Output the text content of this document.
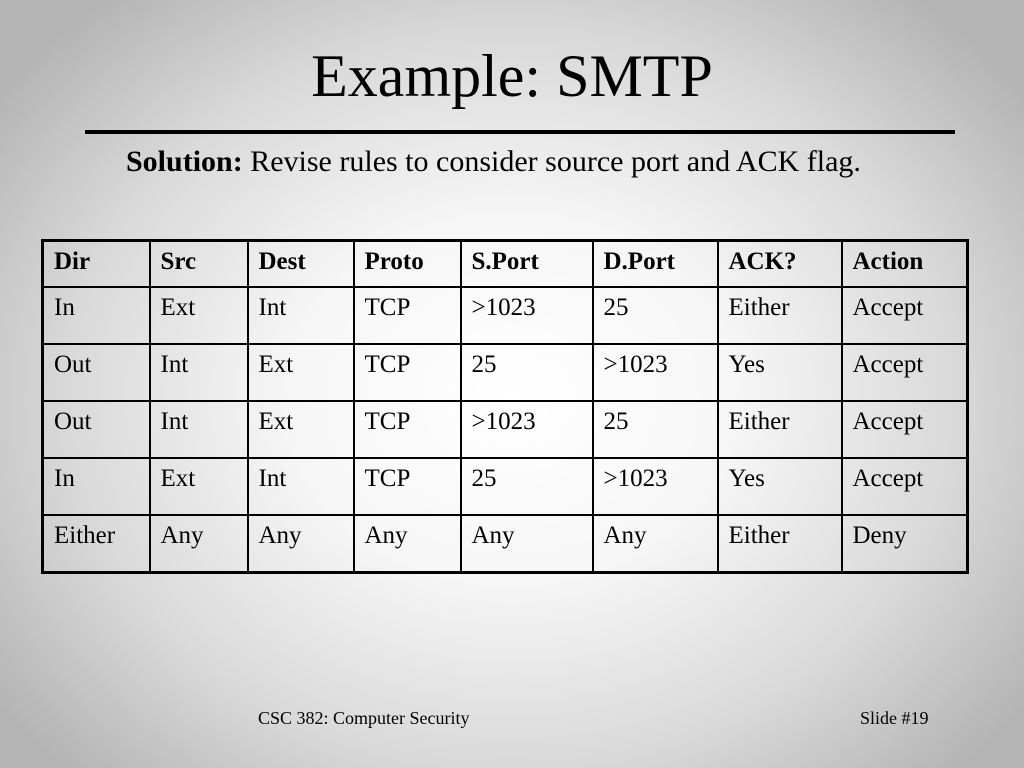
Example: SMTP
Solution: Revise rules to consider source port and ACK flag.
Dir	Src	Dest	Proto	S.Port	D.Port	ACK?	Action
In	Ext	Int	TCP	>1023	25	Either	Accept
Out	Int	Ext	TCP	25	>1023	Yes	Accept
Out	Int	Ext	TCP	>1023	25	Either	Accept
In	Ext	Int	TCP	25	>1023	Yes	Accept
Either	Any	Any	Any	Any	Any	Either	Deny
CSC 382: Computer Security	Slide #19
